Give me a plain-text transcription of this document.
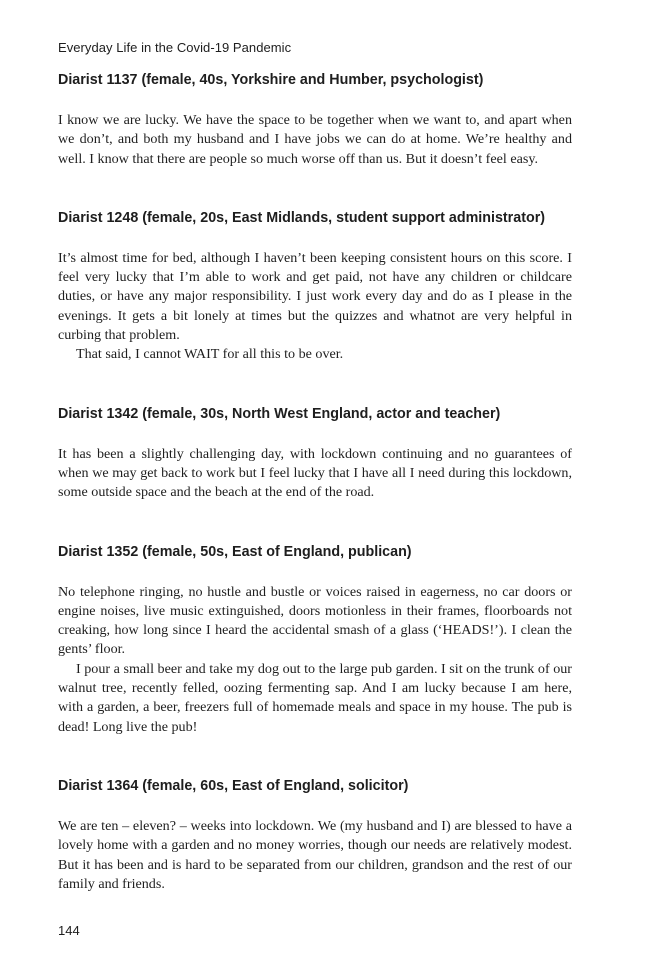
Everyday Life in the Covid-19 Pandemic
Diarist 1137 (female, 40s, Yorkshire and Humber, psychologist)

I know we are lucky. We have the space to be together when we want to, and apart when we don’t, and both my husband and I have jobs we can do at home. We’re healthy and well. I know that there are people so much worse off than us. But it doesn’t feel easy.

Diarist 1248 (female, 20s, East Midlands, student support administrator)

It’s almost time for bed, although I haven’t been keeping consistent hours on this score. I feel very lucky that I’m able to work and get paid, not have any children or childcare duties, or have any major responsibility. I just work every day and do as I please in the evenings. It gets a bit lonely at times but the quizzes and whatnot are very helpful in curbing that problem.

That said, I cannot WAIT for all this to be over.

Diarist 1342 (female, 30s, North West England, actor and teacher)

It has been a slightly challenging day, with lockdown continuing and no guarantees of when we may get back to work but I feel lucky that I have all I need during this lockdown, some outside space and the beach at the end of the road.

Diarist 1352 (female, 50s, East of England, publican)

No telephone ringing, no hustle and bustle or voices raised in eagerness, no car doors or engine noises, live music extinguished, doors motionless in their frames, floorboards not creaking, how long since I heard the accidental smash of a glass (‘HEADS!’). I clean the gents’ floor.

I pour a small beer and take my dog out to the large pub garden. I sit on the trunk of our walnut tree, recently felled, oozing fermenting sap. And I am lucky because I am here, with a garden, a beer, freezers full of homemade meals and space in my house. The pub is dead! Long live the pub!

Diarist 1364 (female, 60s, East of England, solicitor)

We are ten – eleven? – weeks into lockdown. We (my husband and I) are blessed to have a lovely home with a garden and no money worries, though our needs are relatively modest. But it has been and is hard to be separated from our children, grandson and the rest of our family and friends.

144
